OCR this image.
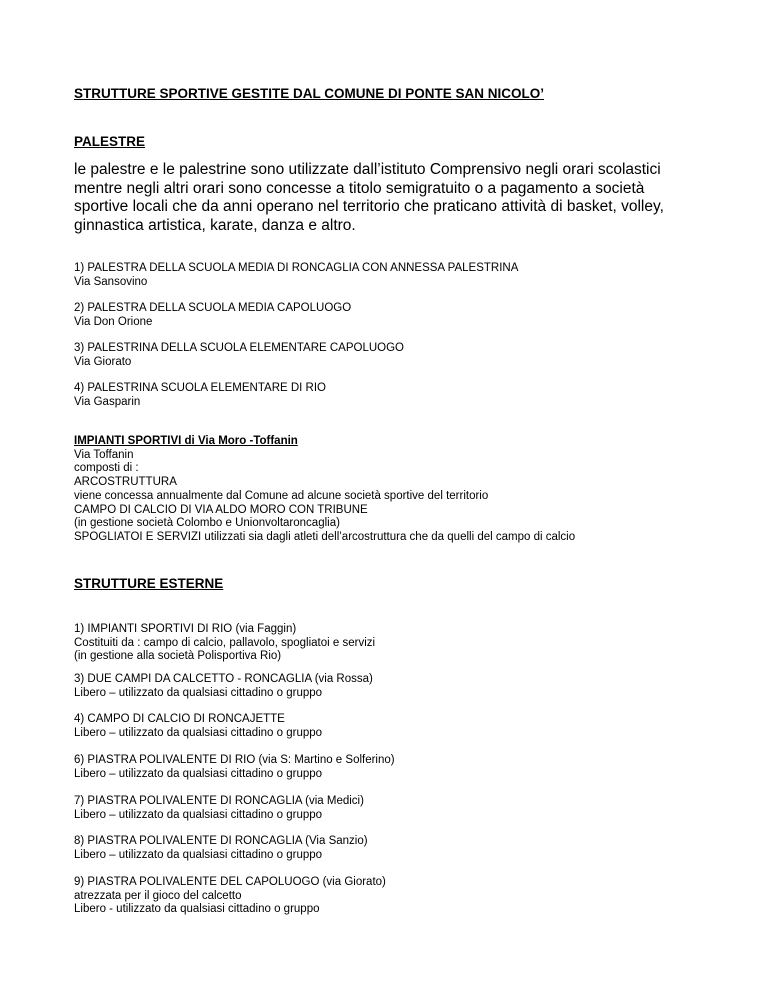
STRUTTURE SPORTIVE GESTITE DAL COMUNE DI PONTE SAN NICOLO’
PALESTRE
le palestre e le palestrine sono utilizzate dall’istituto Comprensivo negli orari scolastici
mentre negli altri orari sono concesse a titolo semigratuito o a pagamento a società
sportive locali che da anni operano nel territorio che praticano attività di basket, volley,
ginnastica artistica, karate, danza e altro.
1) PALESTRA DELLA SCUOLA MEDIA DI RONCAGLIA CON ANNESSA PALESTRINA
Via Sansovino
2) PALESTRA DELLA SCUOLA MEDIA CAPOLUOGO
Via Don Orione
3) PALESTRINA DELLA SCUOLA ELEMENTARE CAPOLUOGO
Via Giorato
4) PALESTRINA SCUOLA ELEMENTARE DI RIO
Via Gasparin
IMPIANTI SPORTIVI di Via Moro -Toffanin
Via Toffanin
composti di :
ARCOSTRUTTURA
viene concessa annualmente dal Comune ad alcune società sportive del territorio
CAMPO DI CALCIO DI VIA ALDO MORO CON TRIBUNE
(in gestione società Colombo e Unionvoltaroncaglia)
SPOGLIATOI E SERVIZI utilizzati sia dagli atleti dell’arcostruttura che da quelli del campo di calcio
STRUTTURE ESTERNE
1) IMPIANTI SPORTIVI DI RIO (via Faggin)
Costituiti da : campo di calcio, pallavolo, spogliatoi e servizi
(in gestione alla società Polisportiva Rio)
3) DUE CAMPI DA CALCETTO - RONCAGLIA (via Rossa)
Libero – utilizzato da qualsiasi cittadino o gruppo
4) CAMPO DI CALCIO DI RONCAJETTE
Libero – utilizzato da qualsiasi cittadino o gruppo
6) PIASTRA POLIVALENTE DI RIO (via S: Martino e Solferino)
Libero – utilizzato da qualsiasi cittadino o gruppo
7) PIASTRA POLIVALENTE DI RONCAGLIA (via Medici)
Libero – utilizzato da qualsiasi cittadino o gruppo
8) PIASTRA POLIVALENTE DI RONCAGLIA (Via Sanzio)
Libero – utilizzato da qualsiasi cittadino o gruppo
9) PIASTRA POLIVALENTE DEL CAPOLUOGO (via Giorato)
atrezzata per il gioco del calcetto
Libero - utilizzato da qualsiasi cittadino o gruppo
